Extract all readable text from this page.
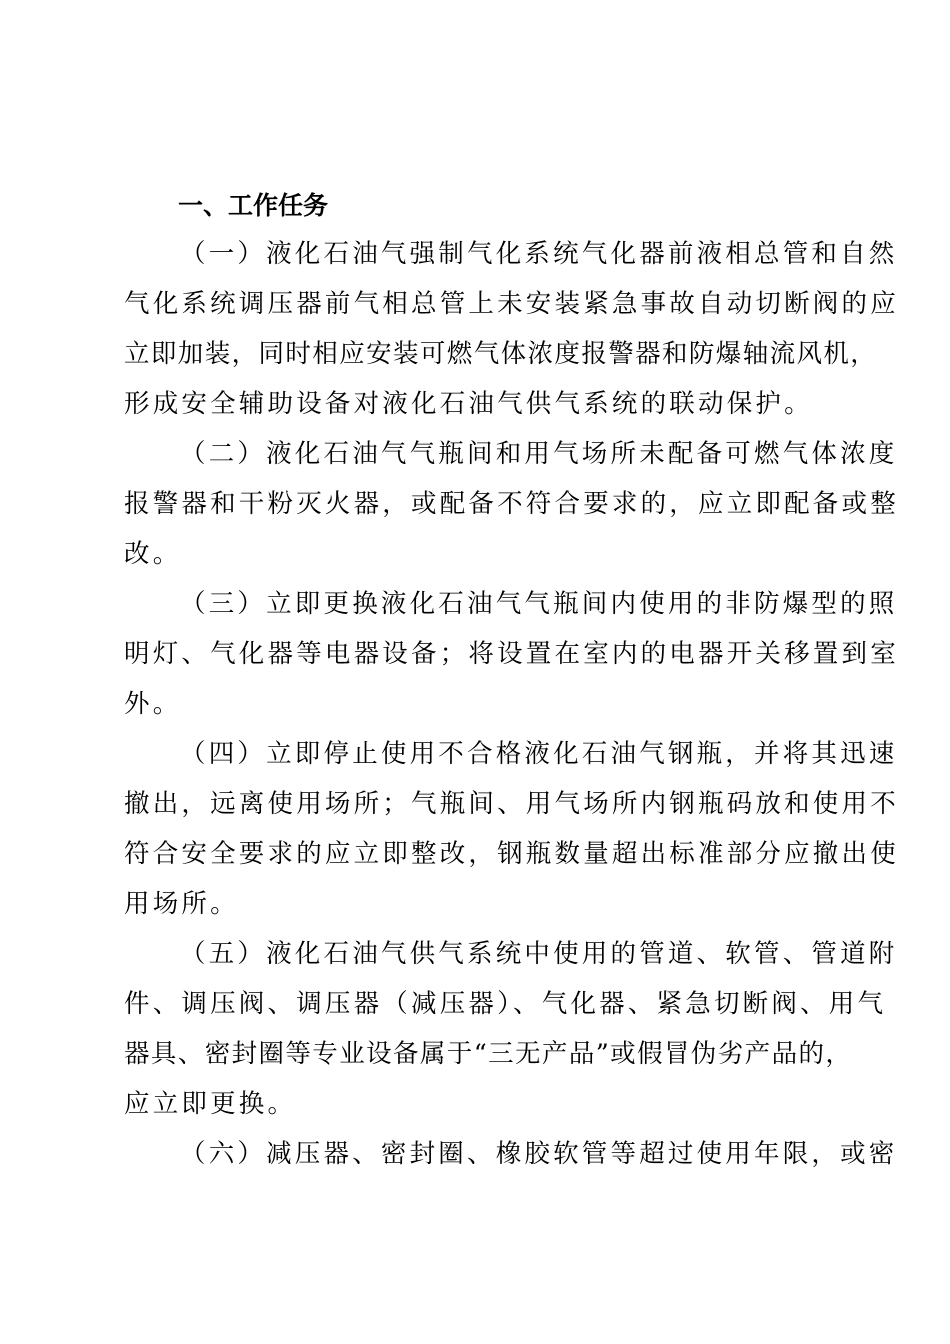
一、工作任务
（一）液化石油气强制气化系统气化器前液相总管和自然
气化系统调压器前气相总管上未安装紧急事故自动切断阀的应
立即加装，同时相应安装可燃气体浓度报警器和防爆轴流风机，
形成安全辅助设备对液化石油气供气系统的联动保护。
（二）液化石油气气瓶间和用气场所未配备可燃气体浓度
报警器和干粉灭火器，或配备不符合要求的，应立即配备或整
改。
（三）立即更换液化石油气气瓶间内使用的非防爆型的照
明灯、气化器等电器设备；将设置在室内的电器开关移置到室
外。
（四）立即停止使用不合格液化石油气钢瓶，并将其迅速
撤出，远离使用场所；气瓶间、用气场所内钢瓶码放和使用不
符合安全要求的应立即整改，钢瓶数量超出标准部分应撤出使
用场所。
（五）液化石油气供气系统中使用的管道、软管、管道附
件、调压阀、调压器（减压器）、气化器、紧急切断阀、用气
器具、密封圈等专业设备属于“三无产品”或假冒伪劣产品的，
应立即更换。
（六）减压器、密封圈、橡胶软管等超过使用年限，或密
